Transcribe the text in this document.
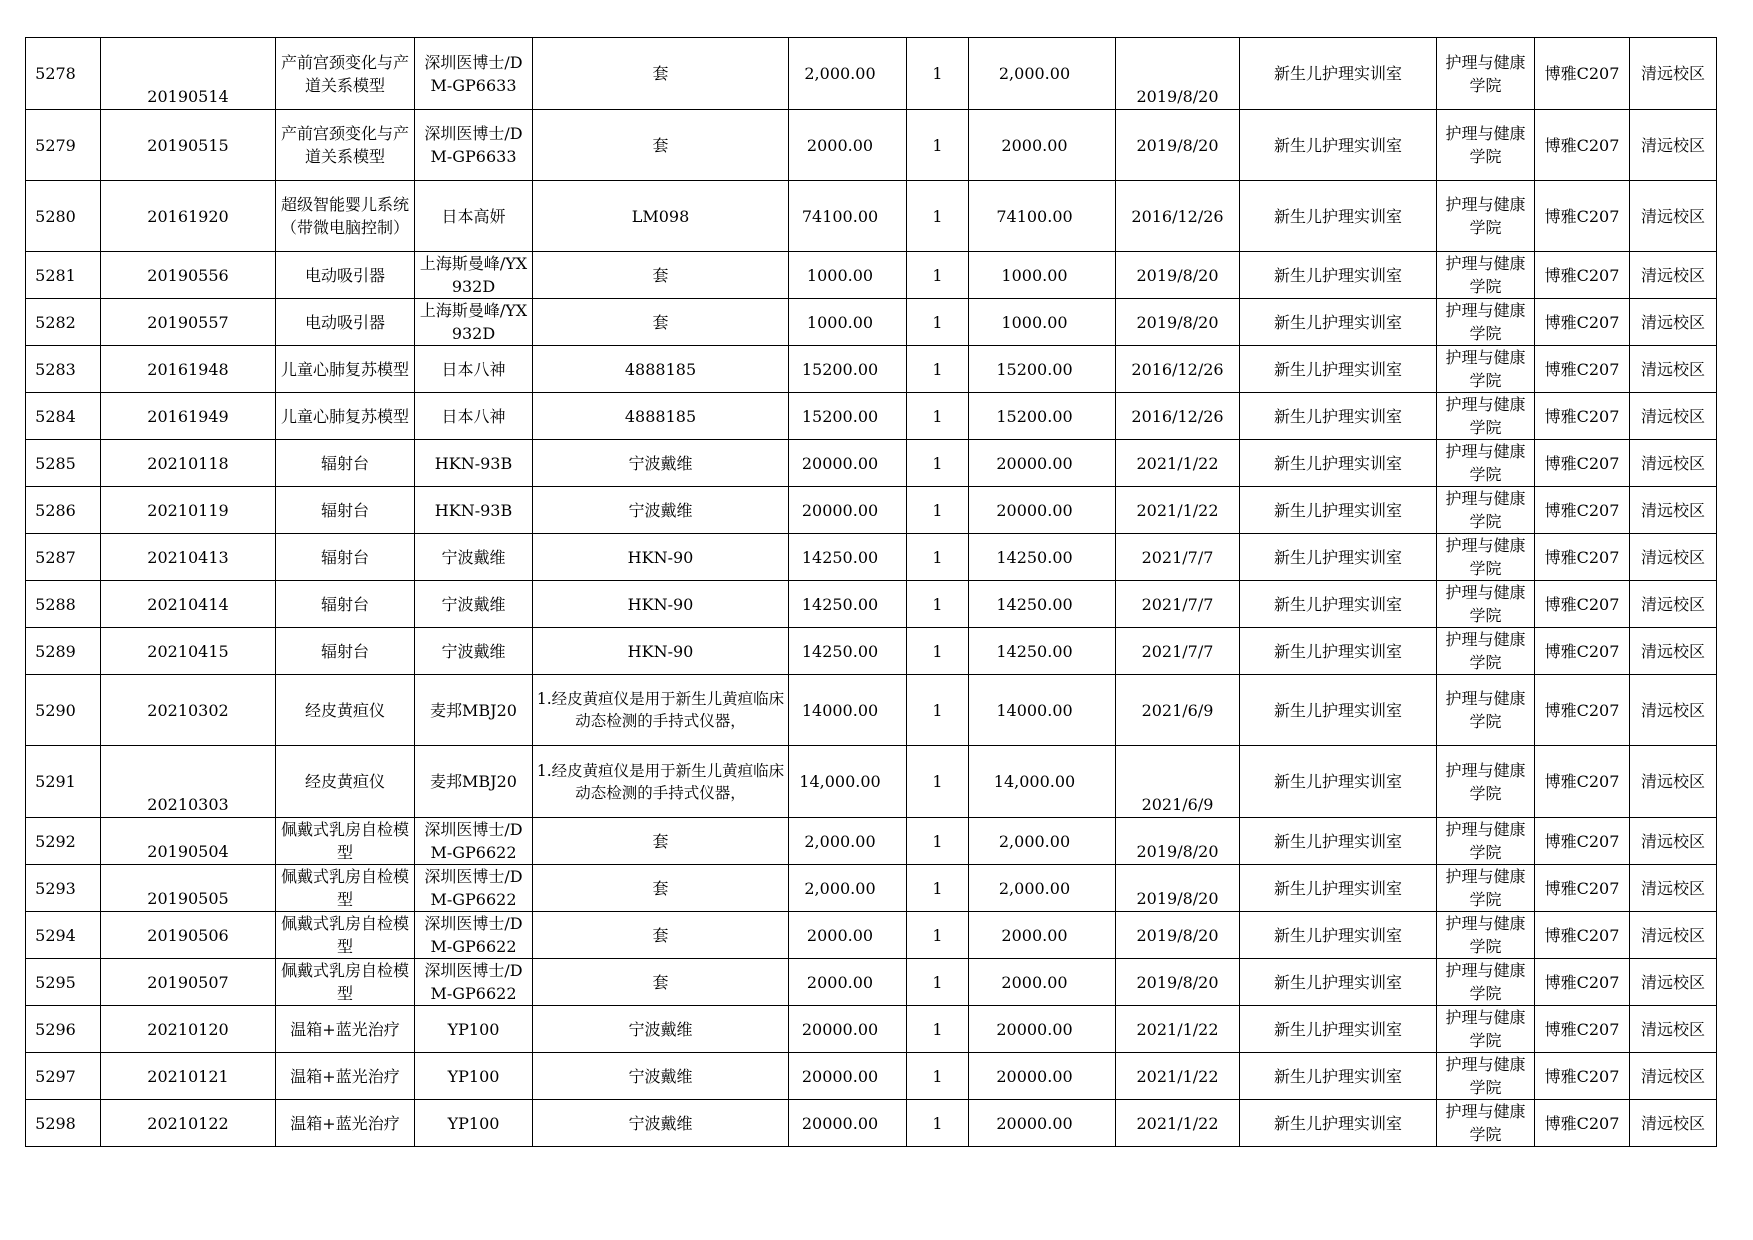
5278	20190514	产前宫颈变化与产道关系模型	深圳医博士/DM-GP6633	套	2,000.00	1	2,000.00	2019/8/20	新生儿护理实训室	护理与健康学院	博雅C207	清远校区
5279	20190515	产前宫颈变化与产道关系模型	深圳医博士/DM-GP6633	套	2000.00	1	2000.00	2019/8/20	新生儿护理实训室	护理与健康学院	博雅C207	清远校区
5280	20161920	超级智能婴儿系统（带微电脑控制）	日本高妍	LM098	74100.00	1	74100.00	2016/12/26	新生儿护理实训室	护理与健康学院	博雅C207	清远校区
5281	20190556	电动吸引器	上海斯曼峰/YX932D	套	1000.00	1	1000.00	2019/8/20	新生儿护理实训室	护理与健康学院	博雅C207	清远校区
5282	20190557	电动吸引器	上海斯曼峰/YX932D	套	1000.00	1	1000.00	2019/8/20	新生儿护理实训室	护理与健康学院	博雅C207	清远校区
5283	20161948	儿童心肺复苏模型	日本八神	4888185	15200.00	1	15200.00	2016/12/26	新生儿护理实训室	护理与健康学院	博雅C207	清远校区
5284	20161949	儿童心肺复苏模型	日本八神	4888185	15200.00	1	15200.00	2016/12/26	新生儿护理实训室	护理与健康学院	博雅C207	清远校区
5285	20210118	辐射台	HKN-93B	宁波戴维	20000.00	1	20000.00	2021/1/22	新生儿护理实训室	护理与健康学院	博雅C207	清远校区
5286	20210119	辐射台	HKN-93B	宁波戴维	20000.00	1	20000.00	2021/1/22	新生儿护理实训室	护理与健康学院	博雅C207	清远校区
5287	20210413	辐射台	宁波戴维	HKN-90	14250.00	1	14250.00	2021/7/7	新生儿护理实训室	护理与健康学院	博雅C207	清远校区
5288	20210414	辐射台	宁波戴维	HKN-90	14250.00	1	14250.00	2021/7/7	新生儿护理实训室	护理与健康学院	博雅C207	清远校区
5289	20210415	辐射台	宁波戴维	HKN-90	14250.00	1	14250.00	2021/7/7	新生儿护理实训室	护理与健康学院	博雅C207	清远校区
5290	20210302	经皮黄疸仪	麦邦MBJ20	1.经皮黄疸仪是用于新生儿黄疸临床动态检测的手持式仪器，	14000.00	1	14000.00	2021/6/9	新生儿护理实训室	护理与健康学院	博雅C207	清远校区
5291	20210303	经皮黄疸仪	麦邦MBJ20	1.经皮黄疸仪是用于新生儿黄疸临床动态检测的手持式仪器，	14,000.00	1	14,000.00	2021/6/9	新生儿护理实训室	护理与健康学院	博雅C207	清远校区
5292	20190504	佩戴式乳房自检模型	深圳医博士/DM-GP6622	套	2,000.00	1	2,000.00	2019/8/20	新生儿护理实训室	护理与健康学院	博雅C207	清远校区
5293	20190505	佩戴式乳房自检模型	深圳医博士/DM-GP6622	套	2,000.00	1	2,000.00	2019/8/20	新生儿护理实训室	护理与健康学院	博雅C207	清远校区
5294	20190506	佩戴式乳房自检模型	深圳医博士/DM-GP6622	套	2000.00	1	2000.00	2019/8/20	新生儿护理实训室	护理与健康学院	博雅C207	清远校区
5295	20190507	佩戴式乳房自检模型	深圳医博士/DM-GP6622	套	2000.00	1	2000.00	2019/8/20	新生儿护理实训室	护理与健康学院	博雅C207	清远校区
5296	20210120	温箱+蓝光治疗	YP100	宁波戴维	20000.00	1	20000.00	2021/1/22	新生儿护理实训室	护理与健康学院	博雅C207	清远校区
5297	20210121	温箱+蓝光治疗	YP100	宁波戴维	20000.00	1	20000.00	2021/1/22	新生儿护理实训室	护理与健康学院	博雅C207	清远校区
5298	20210122	温箱+蓝光治疗	YP100	宁波戴维	20000.00	1	20000.00	2021/1/22	新生儿护理实训室	护理与健康学院	博雅C207	清远校区
